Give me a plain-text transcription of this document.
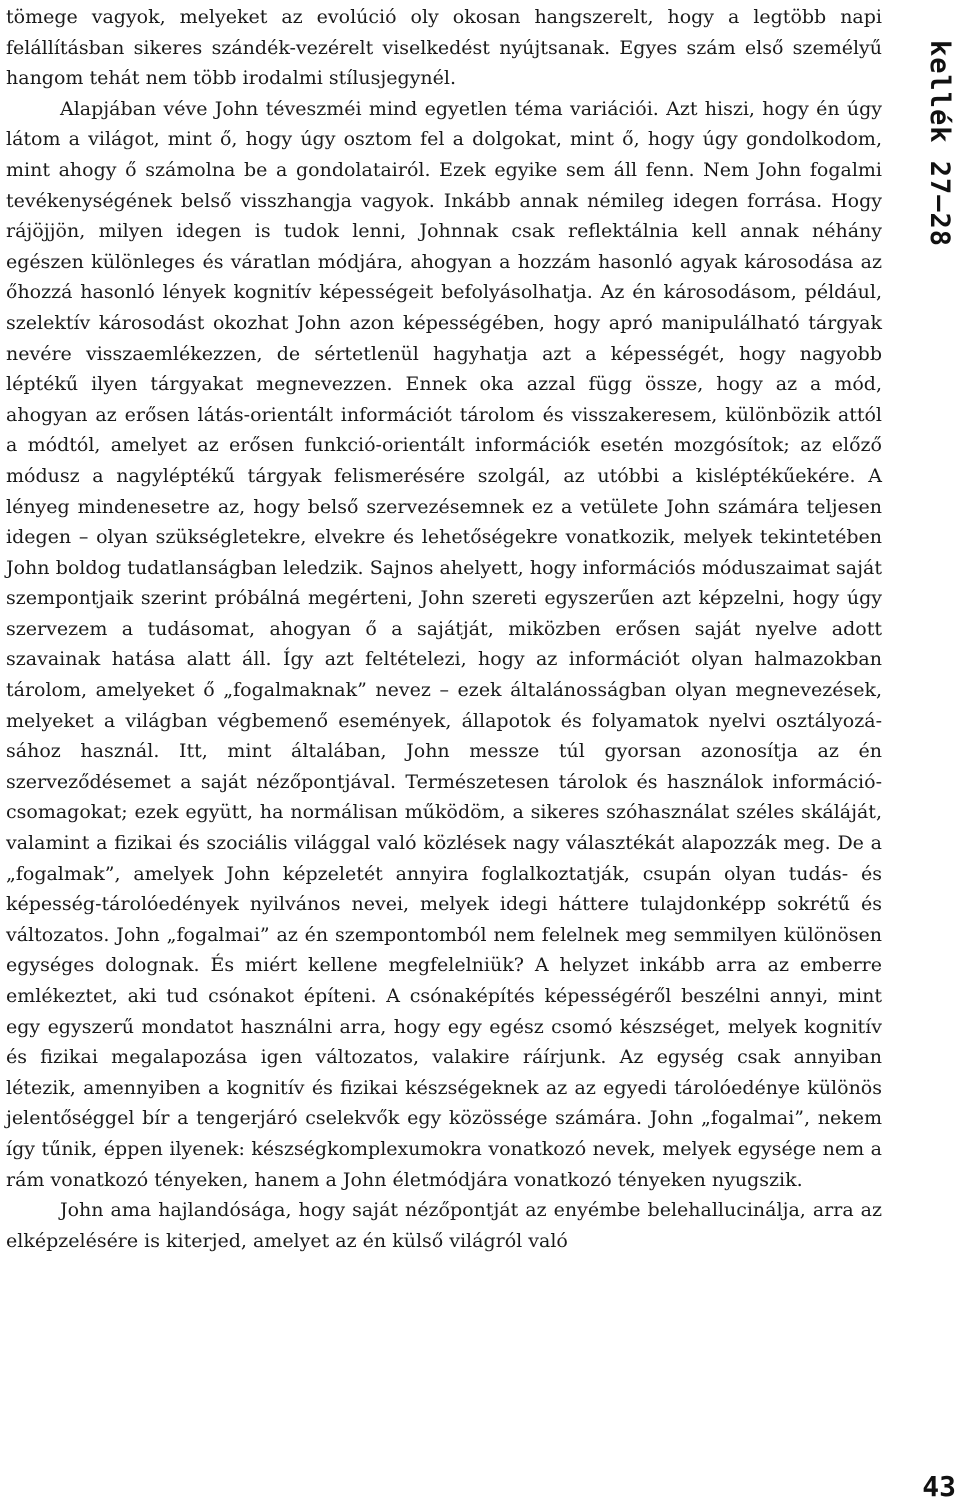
tömege vagyok, melyeket az evolúció oly okosan hangszerelt, hogy a legtöbb napi felállításban sikeres szándék-vezérelt viselkedést nyújtsanak. Egyes szám első személyű hangom tehát nem több irodalmi stílusjegynél.

Alapjában véve John téveszméi mind egyetlen téma variációi. Azt hiszi, hogy én úgy látom a világot, mint ő, hogy úgy osztom fel a dolgokat, mint ő, hogy úgy gondolkodom, mint ahogy ő számolna be a gondolatairól. Ezek egyike sem áll fenn. Nem John fogalmi tevékenységének belső visszhangja vagyok. Inkább annak némileg idegen forrása. Hogy rájöjjön, milyen idegen is tudok lenni, Johnnak csak reflektálnia kell annak néhány egészen különleges és váratlan módjára, ahogyan a hozzám hasonló agyak károsodása az őhozzá hasonló lények kognitív képességeit befolyásolhatja. Az én károsodásom, például, szelektív károsodást okozhat John azon képességében, hogy apró manipulálható tárgyak nevére visszaemlékezzen, de sértetlenül hagyhatja azt a képességét, hogy nagyobb léptékű ilyen tárgyakat megnevezzen. Ennek oka azzal függ össze, hogy az a mód, ahogyan az erősen látás-orientált információt tárolom és visszakeresem, különbözik attól a módtól, amelyet az erősen funkció-orientált információk esetén mozgósítok; az előző módusz a nagyléptékű tárgyak felismerésére szolgál, az utóbbi a kisléptékűekére. A lényeg mindenesetre az, hogy belső szervezésemnek ez a vetülete John számára teljesen idegen – olyan szükségletekre, elvekre és lehetőségekre vonatkozik, melyek tekintetében John boldog tudatlanságban leledzik. Sajnos ahelyett, hogy információs móduszaimat saját szempontjaik szerint próbálná megérteni, John szereti egyszerűen azt képzelni, hogy úgy szervezem a tudásomat, ahogyan ő a sajátját, miközben erősen saját nyelve adott szavainak hatása alatt áll. Így azt feltételezi, hogy az információt olyan halmazokban tárolom, amelyeket ő „fogalmaknak” nevez – ezek általánosságban olyan megnevezések, melyeket a világban végbemenő események, állapotok és folyamatok nyelvi osztályozásához használ. Itt, mint általában, John messze túl gyorsan azonosítja az én szerveződésemet a saját nézőpontjával. Természetesen tárolok és használok információ-csomagokat; ezek együtt, ha normálisan működöm, a sikeres szóhasználat széles skáláját, valamint a fizikai és szociális világgal való közlések nagy választékát alapozzák meg. De a „fogalmak”, amelyek John képzeletét annyira foglalkoztatják, csupán olyan tudás- és képesség-tárolóedények nyilvános nevei, melyek idegi háttere tulajdonképp sokrétű és változatos. John „fogalmai” az én szempontomból nem felelnek meg semmilyen különösen egységes dolognak. És miért kellene megfelelniük? A helyzet inkább arra az emberre emlékeztet, aki tud csónakot építeni. A csónaképítés képességéről beszélni annyi, mint egy egyszerű mondatot használni arra, hogy egy egész csomó készséget, melyek kognitív és fizikai megalapozása igen változatos, valakire ráírjunk. Az egység csak annyiban létezik, amennyiben a kognitív és fizikai készségeknek az az egyedi tárolóedénye különös jelentőséggel bír a tengerjáró cselekvők egy közössége számára. John „fogalmai”, nekem így tűnik, éppen ilyenek: készségkomplexumokra vonatkozó nevek, melyek egysége nem a rám vonatkozó tényeken, hanem a John életmódjára vonatkozó tényeken nyugszik.

John ama hajlandósága, hogy saját nézőpontját az enyémbe belehallucinálja, arra az elképzelésére is kiterjed, amelyet az én külső világról való

kellék 27–28
43
